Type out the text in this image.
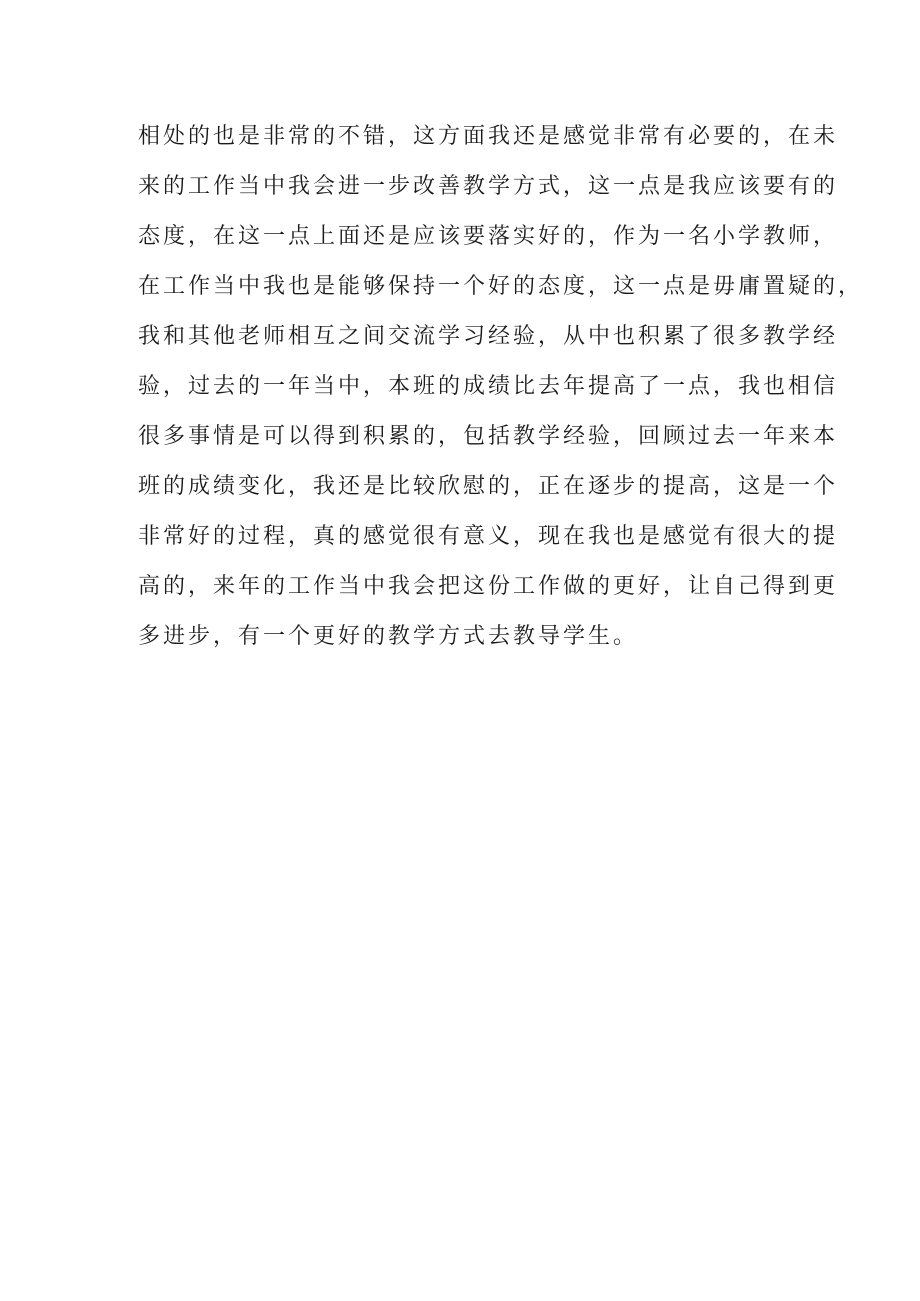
相处的也是非常的不错，这方面我还是感觉非常有必要的，在未
来的工作当中我会进一步改善教学方式，这一点是我应该要有的
态度，在这一点上面还是应该要落实好的，作为一名小学教师，
在工作当中我也是能够保持一个好的态度，这一点是毋庸置疑的，
我和其他老师相互之间交流学习经验，从中也积累了很多教学经
验，过去的一年当中，本班的成绩比去年提高了一点，我也相信
很多事情是可以得到积累的，包括教学经验，回顾过去一年来本
班的成绩变化，我还是比较欣慰的，正在逐步的提高，这是一个
非常好的过程，真的感觉很有意义，现在我也是感觉有很大的提
高的，来年的工作当中我会把这份工作做的更好，让自己得到更
多进步，有一个更好的教学方式去教导学生。
